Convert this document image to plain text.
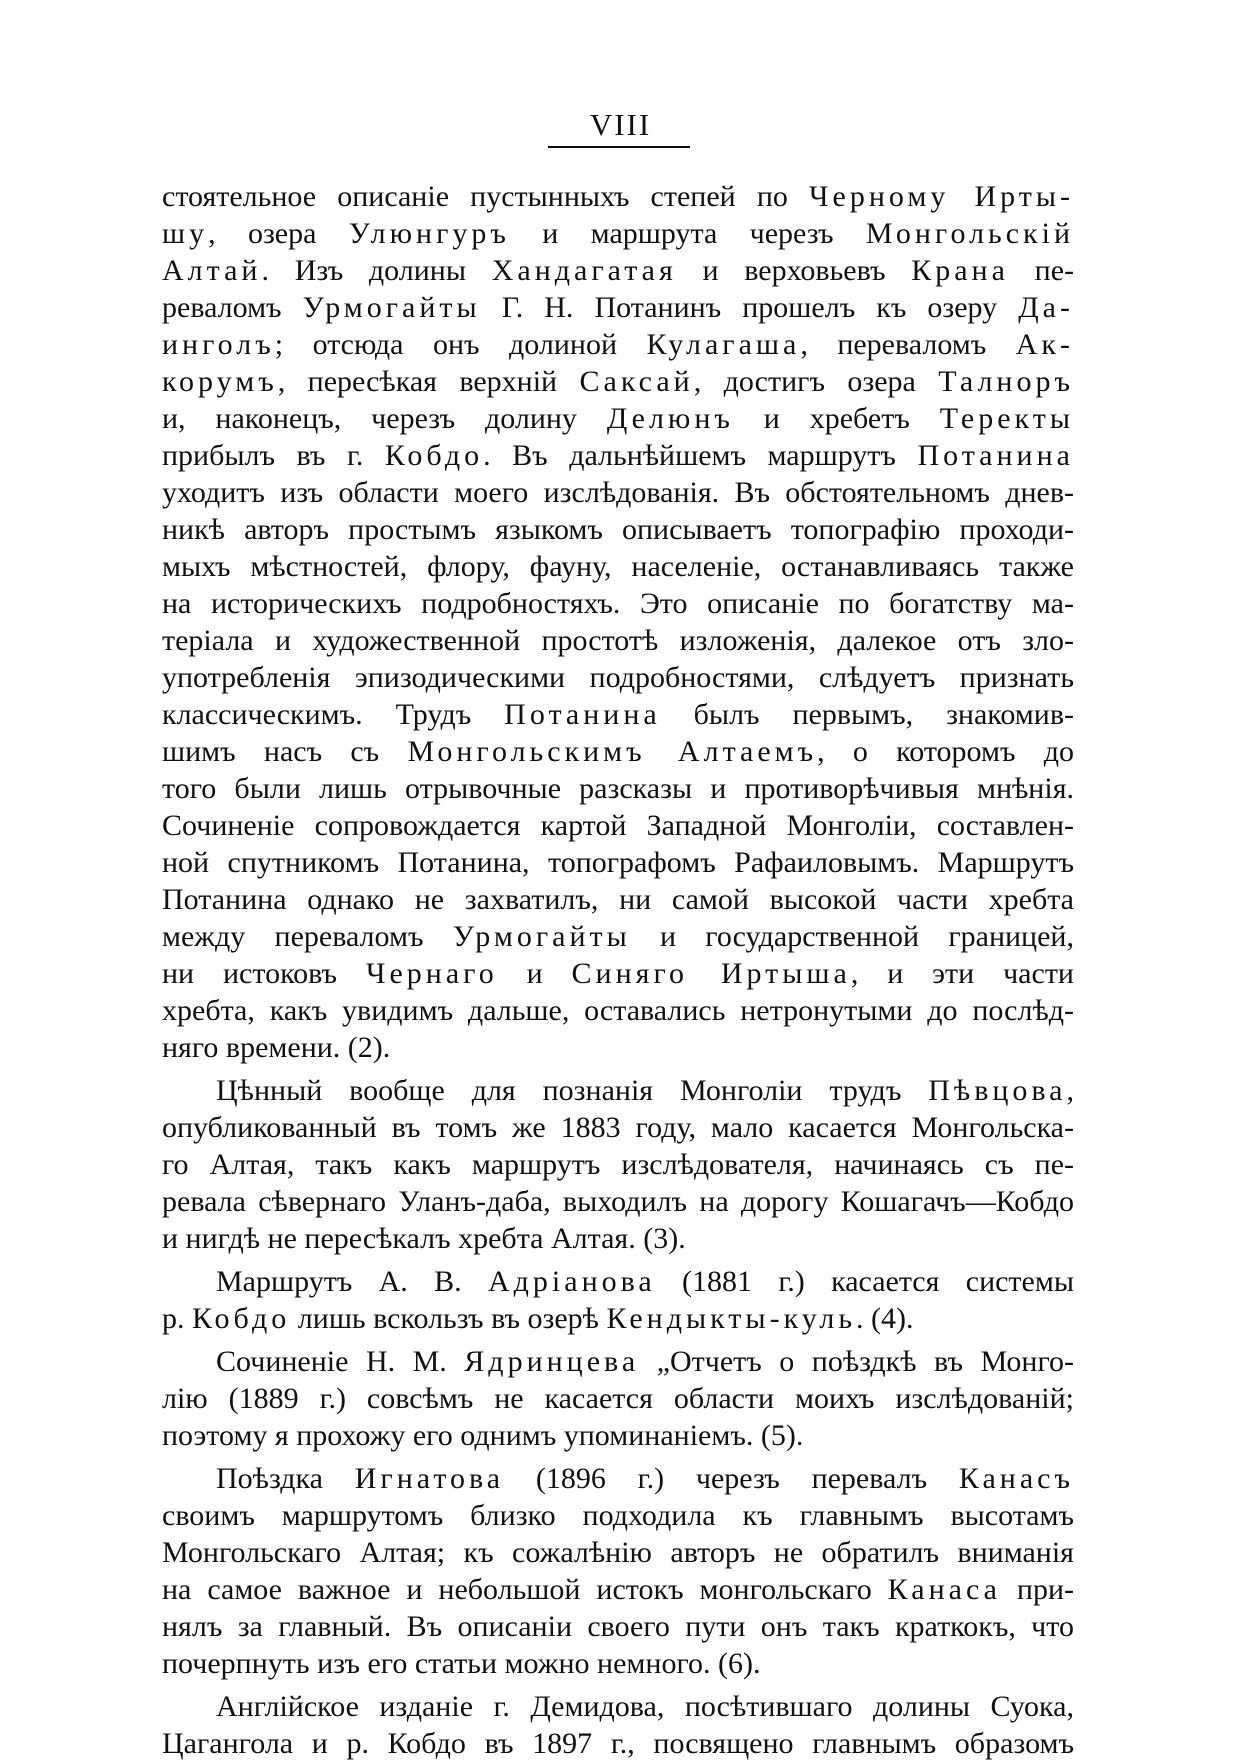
VIII
стоятельное описаніе пустынныхъ степей по Черному Ирты-
шу, озера Улюнгуръ и маршрута черезъ Монгольскій
Алтай. Изъ долины Хандагатая и верховьевъ Крана пе-
реваломъ Урмогайты Г. Н. Потанинъ прошелъ къ озеру Да-
инголъ; отсюда онъ долиной Кулагаша, переваломъ Ак-
корумъ, пересѣкая верхній Саксай, достигъ озера Талноръ
и, наконецъ, черезъ долину Делюнъ и хребетъ Теректы
прибылъ въ г. Кобдо. Въ дальнѣйшемъ маршрутъ Потанина
уходитъ изъ области моего изслѣдованія. Въ обстоятельномъ днев-
никѣ авторъ простымъ языкомъ описываетъ топографію проходи-
мыхъ мѣстностей, флору, фауну, населеніе, останавливаясь также
на историческихъ подробностяхъ. Это описаніе по богатству ма-
теріала и художественной простотѣ изложенія, далекое отъ зло-
употребленія эпизодическими подробностями, слѣдуетъ признать
классическимъ. Трудъ Потанина былъ первымъ, знакомив-
шимъ насъ съ Монгольскимъ Алтаемъ, о которомъ до
того были лишь отрывочные разсказы и противорѣчивыя мнѣнія.
Сочиненіе сопровождается картой Западной Монголіи, составлен-
ной спутникомъ Потанина, топографомъ Рафаиловымъ. Маршрутъ
Потанина однако не захватилъ, ни самой высокой части хребта
между переваломъ Урмогайты и государственной границей,
ни истоковъ Чернаго и Синяго Иртыша, и эти части
хребта, какъ увидимъ дальше, оставались нетронутыми до послѣд-
няго времени. (2).
Цѣнный вообще для познанія Монголіи трудъ Пѣвцова,
опубликованный въ томъ же 1883 году, мало касается Монгольска-
го Алтая, такъ какъ маршрутъ изслѣдователя, начинаясь съ пе-
ревала сѣвернаго Уланъ-даба, выходилъ на дорогу Кошагачъ—Кобдо
и нигдѣ не пересѣкалъ хребта Алтая. (3).
Маршрутъ А. В. Адріанова (1881 г.) касается системы
р. Кобдо лишь вскользъ въ озерѣ Кендыкты-куль. (4).
Сочиненіе Н. М. Ядринцева „Отчетъ о поѣздкѣ въ Монго-
лію (1889 г.) совсѣмъ не касается области моихъ изслѣдованій;
поэтому я прохожу его однимъ упоминаніемъ. (5).
Поѣздка Игнатова (1896 г.) черезъ перевалъ Канасъ
своимъ маршрутомъ близко подходила къ главнымъ высотамъ
Монгольскаго Алтая; къ сожалѣнію авторъ не обратилъ вниманія
на самое важное и небольшой истокъ монгольскаго Канаса при-
нялъ за главный. Въ описаніи своего пути онъ такъ краткокъ, что
почерпнуть изъ его статьи можно немного. (6).
Англійское изданіе г. Демидова, посѣтившаго долины Суока,
Цагангола и р. Кобдо въ 1897 г., посвящено главнымъ образомъ
